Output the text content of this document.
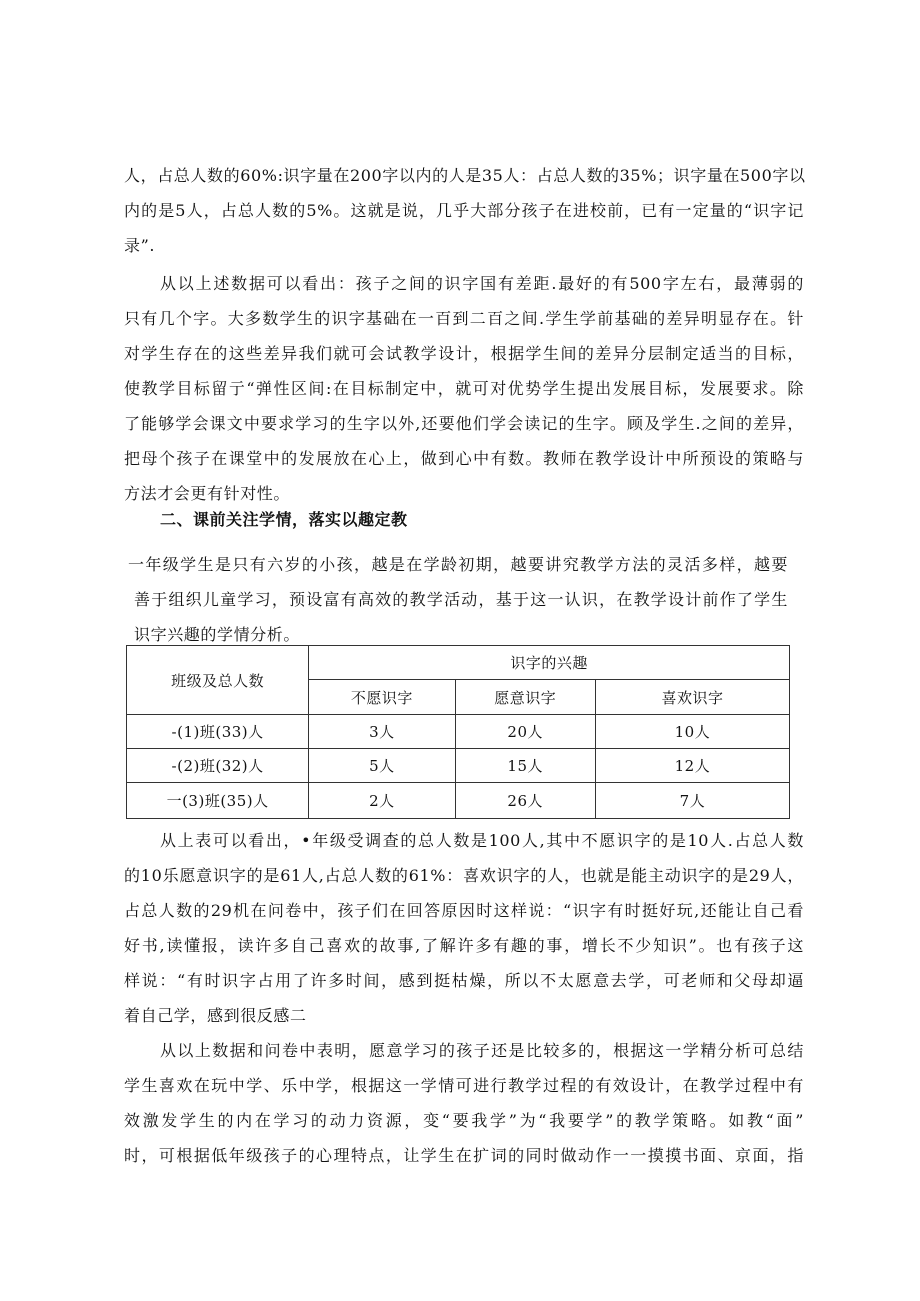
人，占总人数的60%:识字量在200字以内的人是35人：占总人数的35%；识字量在500字以
内的是5人，占总人数的5%。这就是说，几乎大部分孩子在进校前，已有一定量的“识字记
录”.
从以上述数据可以看出：孩子之间的识字国有差距.最好的有500字左右，最薄弱的
只有几个字。大多数学生的识字基础在一百到二百之间.学生学前基础的差异明显存在。针
对学生存在的这些差异我们就可会试教学设计，根据学生间的差异分层制定适当的目标，
使教学目标留亍“弹性区间:在目标制定中，就可对优势学生提出发展目标，发展要求。除
了能够学会课文中要求学习的生字以外,还要他们学会读记的生字。顾及学生.之间的差异，
把母个孩子在课堂中的发展放在心上，做到心中有数。教师在教学设计中所预设的策略与
方法才会更有针对性。
二、课前关注学情，落实以趣定教
一年级学生是只有六岁的小孩，越是在学龄初期，越要讲究教学方法的灵活多样，越要
善于组织儿童学习，预设富有高效的教学活动，基于这一认识，在教学设计前作了学生
识字兴趣的学情分析。
班级及总人数	识字的兴趣		
	不愿识字	愿意识字	喜欢识字
-(1)班(33)人	3人	20人	10人
-(2)班(32)人	5人	15人	12人
一(3)班(35)人	2人	26人	7人
从上表可以看出，•年级受调查的总人数是100人,其中不愿识字的是10人.占总人数
的10乐愿意识字的是61人,占总人数的61%：喜欢识字的人，也就是能主动识字的是29人，
占总人数的29机在问卷中，孩子们在回答原因时这样说：“识字有时挺好玩,还能让自己看
好书,读懂报，读许多自己喜欢的故事,了解许多有趣的事，增长不少知识”。也有孩子这
样说：“有时识字占用了许多时间，感到挺枯燥，所以不太愿意去学，可老师和父母却逼
着自己学，感到很反感二
从以上数据和问卷中表明，愿意学习的孩子还是比较多的，根据这一学精分析可总结
学生喜欢在玩中学、乐中学，根据这一学情可进行教学过程的有效设计，在教学过程中有
效激发学生的内在学习的动力资源，变“要我学”为“我要学”的教学策略。如教“面”
时，可根据低年级孩子的心理特点，让学生在扩词的同时做动作一一摸摸书面、京面，指
